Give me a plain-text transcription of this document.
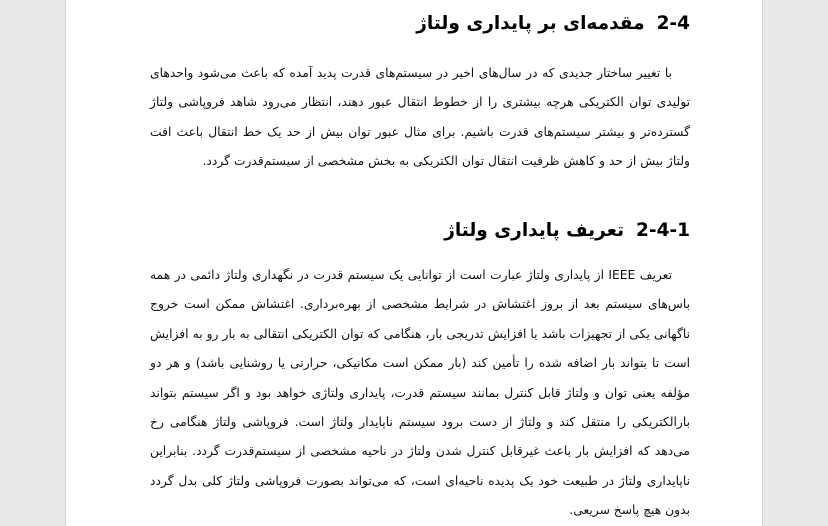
2-4مقدمه‌ای بر پایداری ولتاژ

با تغییر ساختار جدیدی که در سال‌های اخیر در سیستم‌های قدرت پدید آمده که باعث می‌شود واحدهای تولیدی توان الکتریکی هرچه بیشتری را از خطوط انتقال عبور دهند، انتظار می‌رود شاهد فروپاشی ولتاژ گسترده‌تر و بیشتر سیستم‌های قدرت باشیم. برای مثال عبور توان بیش از حد یک خط انتقال باعث افت ولتاژ بیش از حد و کاهش ظرفیت انتقال توان الکتریکی به بخش مشخصی از سیستم‌قدرت گردد.

2-4-1تعریف پایداری ولتاژ

تعریف IEEE از پایداری ولتاژ عبارت است از توانایی یک سیستم قدرت در نگهداری ولتاژ دائمی در همه باس‌های سیستم بعد از بروز اغتشاش در شرایط مشخصی از بهره‌برداری. اغتشاش ممکن است خروج ناگهانی یکی از تجهیزات باشد یا افزایش تدریجی بار، هنگامی که توان الکتریکی انتقالی به بار رو به افزایش است تا بتواند بار اضافه شده را تأمین کند (بار ممکن است مکانیکی، حرارتی یا روشنایی باشد) و هر دو مؤلفه یعنی توان و ولتاژ قابل کنترل بمانند سیستم قدرت، پایداری ولتاژی خواهد بود و اگر سیستم بتواند بارالکتریکی را منتقل کند و ولتاژ از دست برود سیستم ناپایدار ولتاژ است. فروپاشی ولتاژ هنگامی رخ می‌دهد که افزایش بار باعث غیرقابل کنترل شدن ولتاژ در ناحیه مشخصی از سیستم‌قدرت گردد. بنابراین ناپایداری ولتاژ در طبیعت خود یک پدیده ناحیه‌ای است، که می‌تواند بصورت فروپاشی ولتاژ کلی بدل گردد بدون هیچ پاسخ سریعی.
